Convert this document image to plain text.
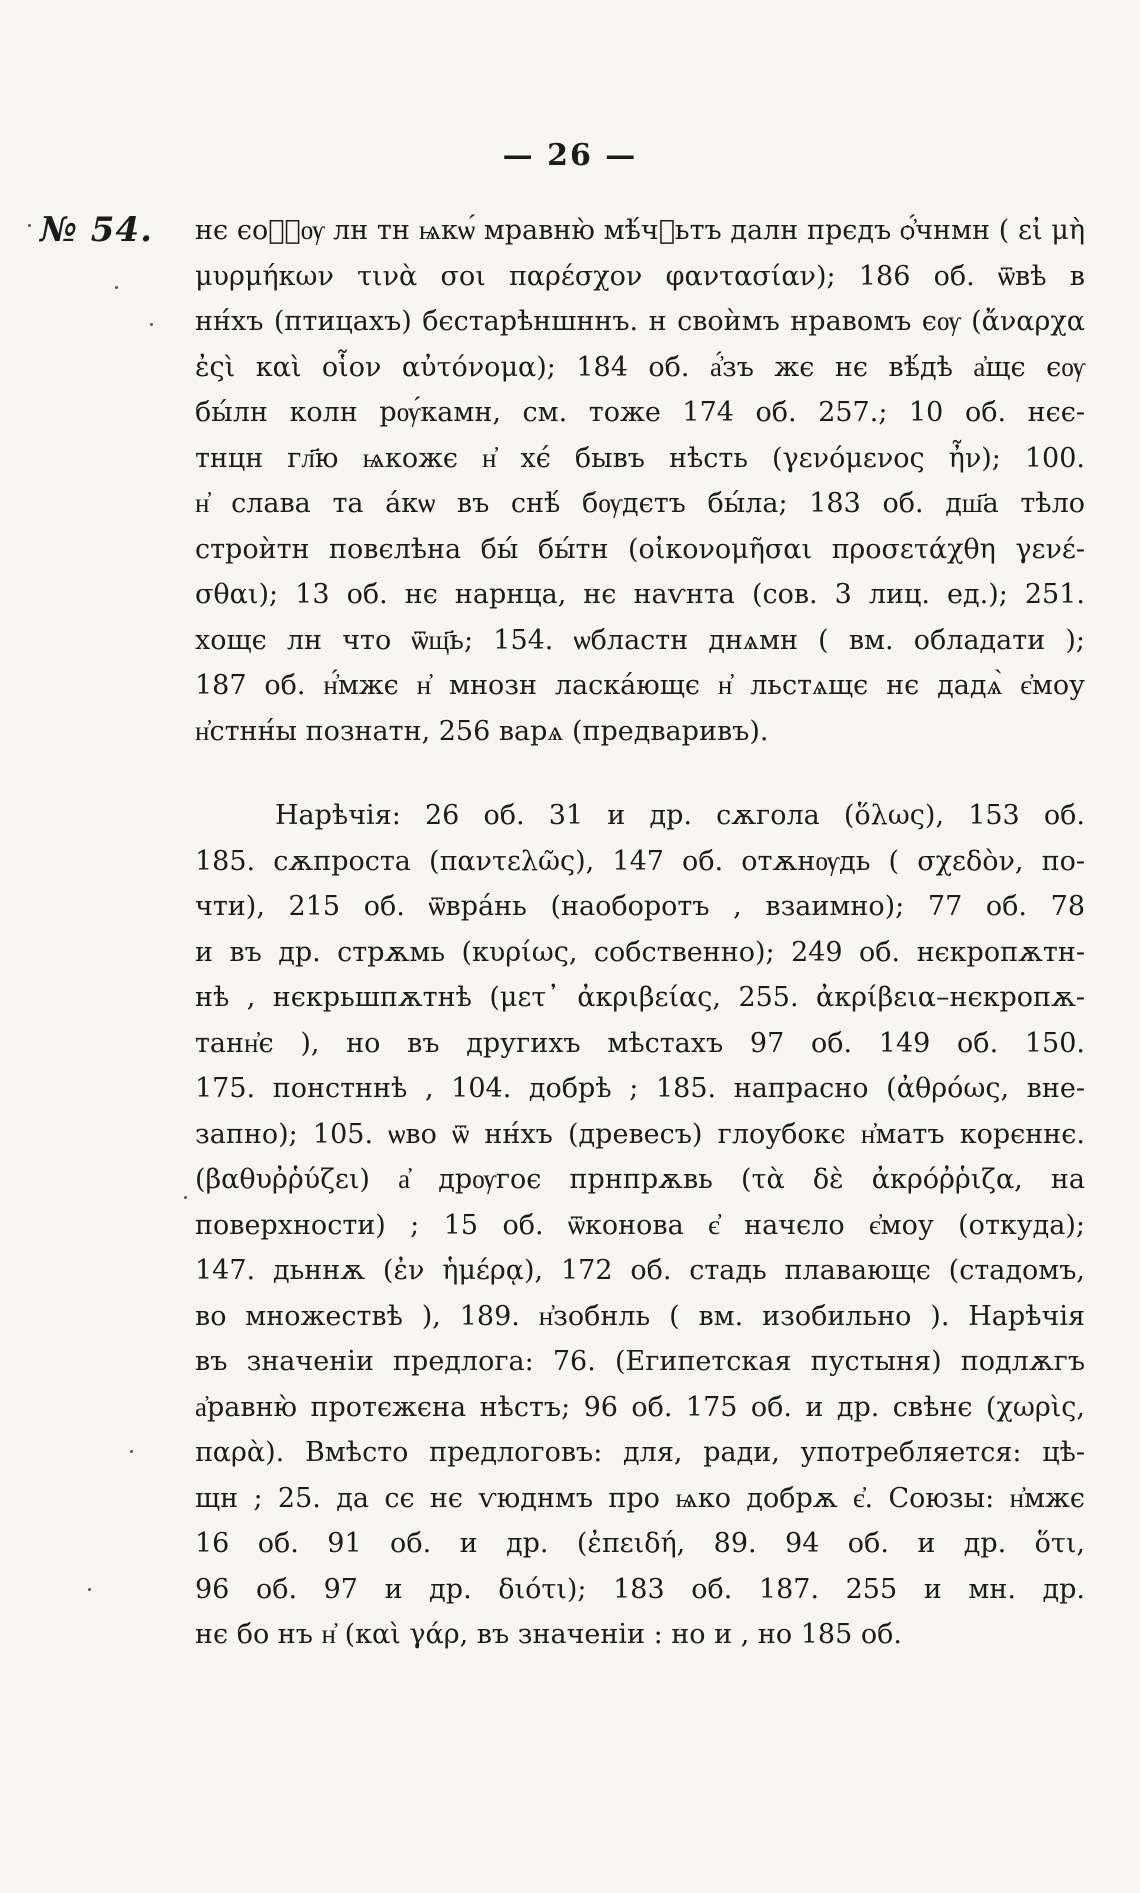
— 26 —
№ 54. нє єоⷪ҇ѹ лн тн ѩкѡ́ мравню̀ мѣ́чⷮьтъ далн прєдъ ѻ҆́чнмн ( εἰ μὴ
μυρμήκων τινὰ σοι παρέσχον φαντασίαν); 186 об. ѿвѣ в
нн́хъ (птицахъ) бєстарѣншннъ. н своѝмъ нравомъ єѹ (ἄναρχα
ἐςὶ καὶ οἷον αὐτόνομα); 184 об. а҆́зъ жє нє вѣ́дѣ а҆щє єѹ
бы́лн колн рѹ́камн, см. тоже 174 об. 257.; 10 об. нєє-
тнцн гл҃ю ѩкожє н҆ хє́ бывъ нѣсть (γενόμενος ἦν); 100.
н҆ слава та а́кѡ въ снѣ́ бѹдєтъ бы́ла; 183 об. дш҃а тѣло
строѝтн повєлѣна бы́ бы́тн (οἰκονομῆσαι προσετάχθη γενέ-
σθαι); 13 об. нє нарнца, нє наѵнта (сов. 3 лиц. ед.); 251.
хощє лн что ѿщ҃ь; 154. ѡбластн днѧмн ( вм. обладати );
187 об. н҆́мжє н҆ мнозн ласка́ющє н҆ льстѧщє нє дадѧ̀ є҆моу
н҆стнн́ы познатн, 256 варѧ (предваривъ).
Нарѣчія: 26 об. 31 и др. сѫгола (ὅλως), 153 об.
185. сѫпроста (παντελῶς), 147 об. отѫнѹдь ( σχεδὸν, по-
чти), 215 об. ѿвра́нь (наоборотъ , взаимно); 77 об. 78
и въ др. стрѫмь (κυρίως, собственно); 249 об. нєкропѫтн-
нѣ , нєкрьшпѫтнѣ (μετ᾽ ἀκριβείας, 255. ἀκρίβεια–нєкропѫ-
танн҆є ), но въ другихъ мѣстахъ 97 об. 149 об. 150.
175. понстннѣ , 104. добрѣ ; 185. напрасно (ἀθρόως, вне-
запно); 105. ѡво ѿ нн́хъ (древесъ) глоубокє н҆матъ корєннє.
(βαθυῤῥύζει) а҆ дрѹгоє прнпрѫвь (τὰ δὲ ἀκρόῤῥιζα, на
поверхности) ; 15 об. ѿконова є҆ начєло є҆моу (откуда);
147. дьннѫ (ἐν ἡμέρᾳ), 172 об. стадь плавающє (стадомъ,
во множествѣ ), 189. н҆зобнль ( вм. изобильно ). Нарѣчія
въ значеніи предлога: 76. (Египетская пустыня) подлѫгъ
а҆равню̀ протєжєна нѣстъ; 96 об. 175 об. и др. свѣнє (χωρὶς,
παρὰ). Вмѣсто предлоговъ: для, ради, употребляется: цѣ-
щн ; 25. да сє нє ѵюднмъ про ѩко добрѫ є҆. Союзы: н҆мжє
16 об. 91 об. и др. (ἐπειδή, 89. 94 об. и др. ὅτι,
96 об. 97 и др. διότι); 183 об. 187. 255 и мн. др.
нє бо нъ н҆ (καὶ γάρ, въ значеніи : но и , но 185 об.
